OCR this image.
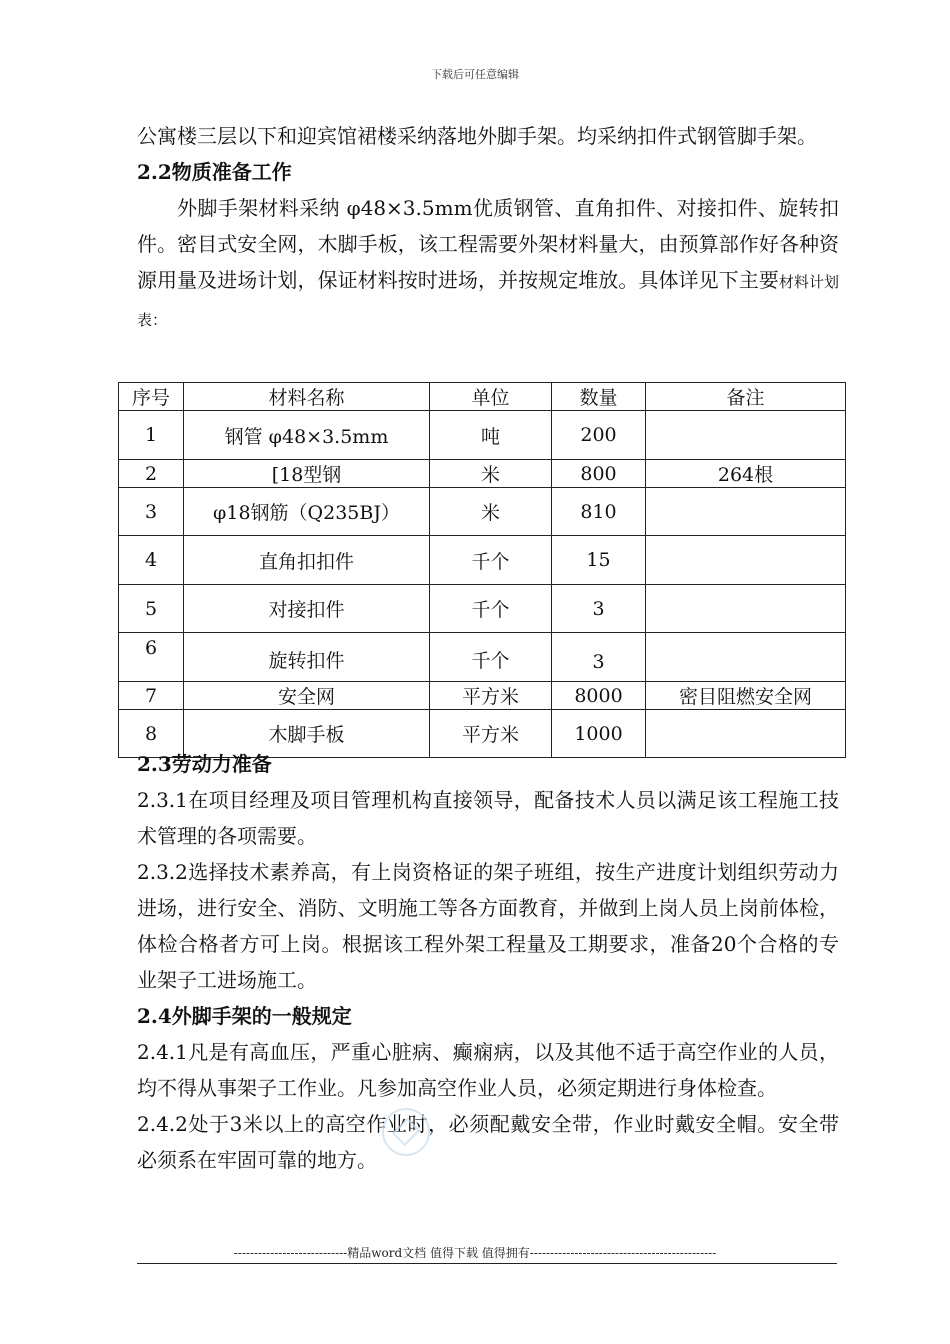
下载后可任意编辑

公寓楼三层以下和迎宾馆裙楼采纳落地外脚手架。均采纳扣件式钢管脚手架。

2.2物质准备工作

外脚手架材料采纳 φ48×3.5mm优质钢管、直角扣件、对接扣件、旋转扣件。密目式安全网，木脚手板，该工程需要外架材料量大，由预算部作好各种资源用量及进场计划，保证材料按时进场，并按规定堆放。具体详见下主要材料计划表：

序号	材料名称	单位	数量	备注
1	钢管 φ48×3.5mm	吨	200	
2	[18型钢	米	800	264根
3	φ18钢筋（Q235BJ）	米	810	
4	直角扣扣件	千个	15	
5	对接扣件	千个	3	
6	旋转扣件	千个	3	
7	安全网	平方米	8000	密目阻燃安全网
8	木脚手板	平方米	1000	

2.3劳动力准备

2.3.1在项目经理及项目管理机构直接领导，配备技术人员以满足该工程施工技术管理的各项需要。

2.3.2选择技术素养高，有上岗资格证的架子班组，按生产进度计划组织劳动力进场，进行安全、消防、文明施工等各方面教育，并做到上岗人员上岗前体检，体检合格者方可上岗。根据该工程外架工程量及工期要求，准备20个合格的专业架子工进场施工。

2.4外脚手架的一般规定

2.4.1凡是有高血压，严重心脏病、癫痫病，以及其他不适于高空作业的人员，均不得从事架子工作业。凡参加高空作业人员，必须定期进行身体检查。

2.4.2处于3米以上的高空作业时，必须配戴安全带，作业时戴安全帽。安全带必须系在牢固可靠的地方。

----------------------------精品word文档 值得下载 值得拥有----------------------------------------------
